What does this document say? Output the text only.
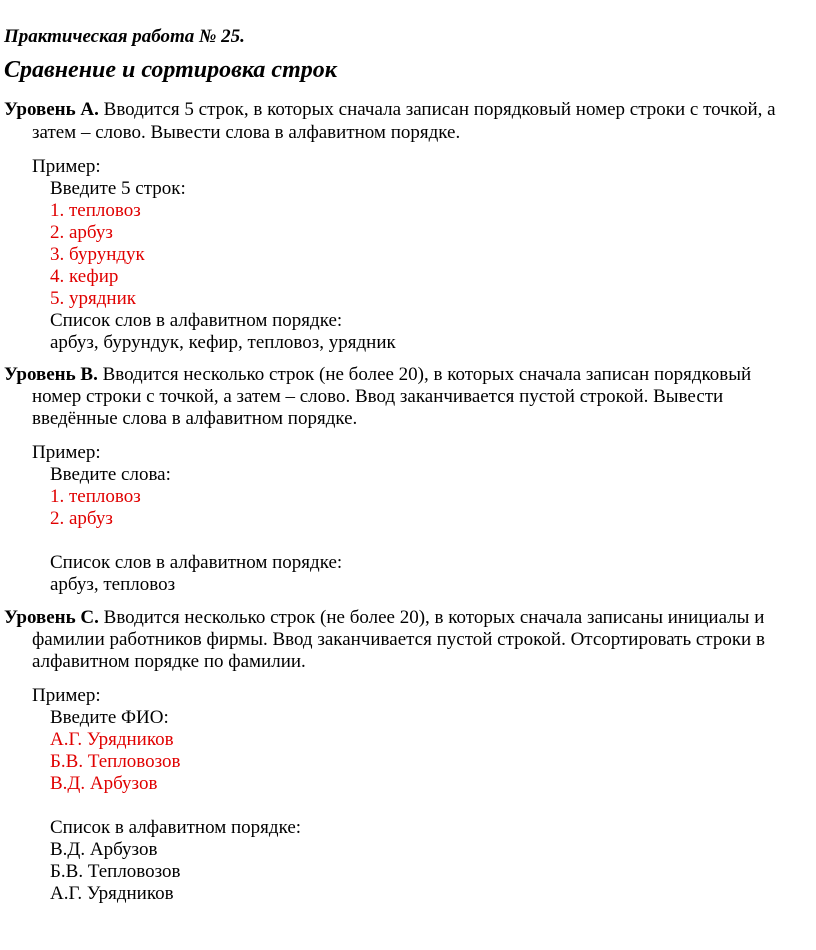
Практическая работа № 25.
Сравнение и сортировка строк
Уровень A. Вводится 5 строк, в которых сначала записан порядковый номер строки с точкой, а
затем – слово. Вывести слова в алфавитном порядке.
Пример:
Введите 5 строк:
1. тепловоз
2. арбуз
3. бурундук
4. кефир
5. урядник
Список слов в алфавитном порядке:
арбуз, бурундук, кефир, тепловоз, урядник
Уровень B. Вводится несколько строк (не более 20), в которых сначала записан порядковый
номер строки с точкой, а затем – слово. Ввод заканчивается пустой строкой. Вывести
введённые слова в алфавитном порядке.
Пример:
Введите слова:
1. тепловоз
2. арбуз
Список слов в алфавитном порядке:
арбуз, тепловоз
Уровень C. Вводится несколько строк (не более 20), в которых сначала записаны инициалы и
фамилии работников фирмы. Ввод заканчивается пустой строкой. Отсортировать строки в
алфавитном порядке по фамилии.
Пример:
Введите ФИО:
А.Г. Урядников
Б.В. Тепловозов
В.Д. Арбузов
Список в алфавитном порядке:
В.Д. Арбузов
Б.В. Тепловозов
А.Г. Урядников
